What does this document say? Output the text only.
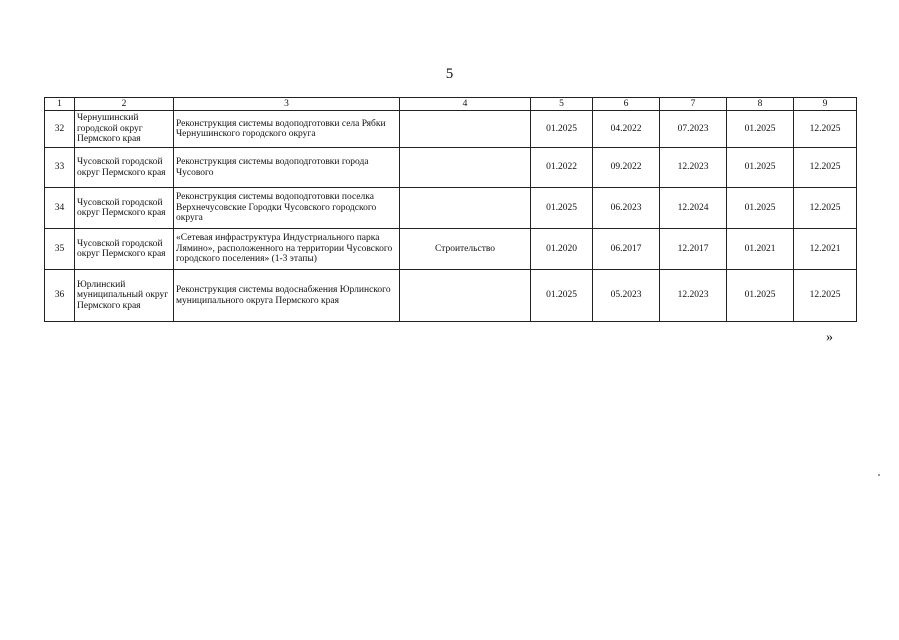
5
1	2	3	4	5	6	7	8	9
32	Чернушинский городской округ Пермского края	Реконструкция системы водоподготовки села Рябки Чернушинского городского округа		01.2025	04.2022	07.2023	01.2025	12.2025
33	Чусовской городской округ Пермского края	Реконструкция системы водоподготовки города Чусового		01.2022	09.2022	12.2023	01.2025	12.2025
34	Чусовской городской округ Пермского края	Реконструкция системы водоподготовки поселка Верхнечусовские Городки Чусовского городского округа		01.2025	06.2023	12.2024	01.2025	12.2025
35	Чусовской городской округ Пермского края	«Сетевая инфраструктура Индустриального парка Лямино», расположенного на территории Чусовского городского поселения» (1-3 этапы)	Строительство	01.2020	06.2017	12.2017	01.2021	12.2021
36	Юрлинский муниципальный округ Пермского края	Реконструкция системы водоснабжения Юрлинского муниципального округа Пермского края		01.2025	05.2023	12.2023	01.2025	12.2025
»
